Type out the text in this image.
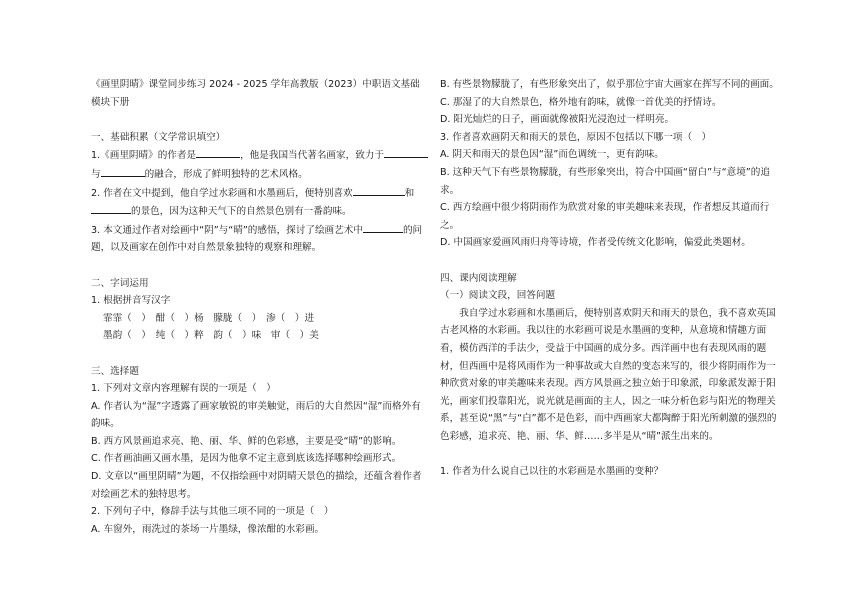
《画里阴晴》课堂同步练习 2024 - 2025 学年高教版（2023）中职语文基础模块下册

一、基础积累（文学常识填空）

1.《画里阴晴》的作者是	，他是我国当代著名画家，致力于与	的融合，形成了鲜明独特的艺术风格。

2. 作者在文中提到，他自学过水彩画和水墨画后，便特别喜欢	和的景色，因为这种天气下的自然景色别有一番韵味。

3. 本文通过作者对绘画中“阴”与“晴”的感悟，探讨了绘画艺术中	的问题，以及画家在创作中对自然景象独特的观察和理解。

二、字词运用

1. 根据拼音写汉字

霏霏（　）　酣（　）杨　朦胧（　）　渗（　）进

墨韵（　）　纯（　）粹　韵（　）味　审（　）美

三、选择题

1. 下列对文章内容理解有误的一项是（　）

A. 作者认为“湿”字透露了画家敏锐的审美触觉，雨后的大自然因“湿”而格外有韵味。

B. 西方风景画追求亮、艳、丽、华、鲜的色彩感，主要是受“晴”的影响。

C. 作者画油画又画水墨，是因为他拿不定主意到底该选择哪种绘画形式。

D. 文章以“画里阴晴”为题，不仅指绘画中对阴晴天景色的描绘，还蕴含着作者对绘画艺术的独特思考。

2. 下列句子中，修辞手法与其他三项不同的一项是（　）

A. 车窗外，雨洗过的茶场一片墨绿，像浓酣的水彩画。

B. 有些景物朦胧了，有些形象突出了，似乎那位宇宙大画家在挥写不同的画面。

C. 那湿了的大自然景色，格外地有韵味，就像一首优美的抒情诗。

D. 阳光灿烂的日子，画面就像被阳光浸泡过一样明亮。

3. 作者喜欢画阴天和雨天的景色，原因不包括以下哪一项（　）

A. 阴天和雨天的景色因“湿”而色调统一，更有韵味。

B. 这种天气下有些景物朦胧，有些形象突出，符合中国画“留白”与“意境”的追求。

C. 西方绘画中很少将阴雨作为欣赏对象的审美趣味来表现，作者想反其道而行之。

D. 中国画家爱画风雨归舟等诗境，作者受传统文化影响，偏爱此类题材。

四、课内阅读理解

（一）阅读文段，回答问题

我自学过水彩画和水墨画后，便特别喜欢阴天和雨天的景色，我不喜欢英国古老风格的水彩画。我以往的水彩画可说是水墨画的变种，从意境和情趣方面看，模仿西洋的手法少，受益于中国画的成分多。西洋画中也有表现风雨的题材，但西画中是将风雨作为一种事故或大自然的变态来写的，很少将阴雨作为一种欣赏对象的审美趣味来表现。西方风景画之独立始于印象派，印象派发源于阳光，画家们投靠阳光，说光就是画面的主人，因之一味分析色彩与阳光的物理关系，甚至说“黑”与“白”都不是色彩，而中西画家大都陶醉于阳光所刺激的强烈的色彩感，追求亮、艳、丽、华、鲜……多半是从“晴”派生出来的。

1. 作者为什么说自己以往的水彩画是水墨画的变种？
